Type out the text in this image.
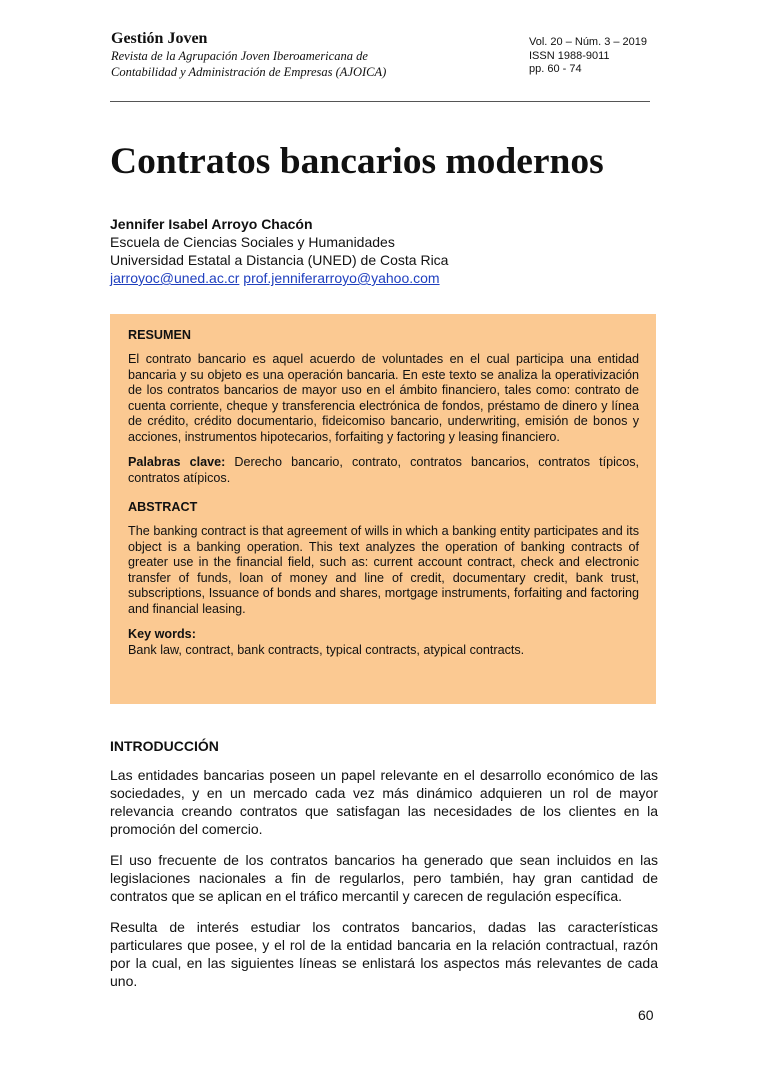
Gestión Joven
Revista de la Agrupación Joven Iberoamericana de
Contabilidad y Administración de Empresas (AJOICA)
Vol. 20 – Núm. 3 – 2019
ISSN 1988-9011
pp. 60 - 74
Contratos bancarios modernos
Jennifer Isabel Arroyo Chacón
Escuela de Ciencias Sociales y Humanidades
Universidad Estatal a Distancia (UNED) de Costa Rica
jarroyoc@uned.ac.cr prof.jenniferarroyo@yahoo.com
RESUMEN

El contrato bancario es aquel acuerdo de voluntades en el cual participa una entidad bancaria y su objeto es una operación bancaria. En este texto se analiza la operativización de los contratos bancarios de mayor uso en el ámbito financiero, tales como: contrato de cuenta corriente, cheque y transferencia electrónica de fondos, préstamo de dinero y línea de crédito, crédito documentario, fideicomiso bancario, underwriting, emisión de bonos y acciones, instrumentos hipotecarios, forfaiting y factoring y leasing financiero.

Palabras clave: Derecho bancario, contrato, contratos bancarios, contratos típicos, contratos atípicos.

ABSTRACT

The banking contract is that agreement of wills in which a banking entity participates and its object is a banking operation. This text analyzes the operation of banking contracts of greater use in the financial field, such as: current account contract, check and electronic transfer of funds, loan of money and line of credit, documentary credit, bank trust, subscriptions, Issuance of bonds and shares, mortgage instruments, forfaiting and factoring and financial leasing.

Key words:
Bank law, contract, bank contracts, typical contracts, atypical contracts.

INTRODUCCIÓN

Las entidades bancarias poseen un papel relevante en el desarrollo económico de las sociedades, y en un mercado cada vez más dinámico adquieren un rol de mayor relevancia creando contratos que satisfagan las necesidades de los clientes en la promoción del comercio.

El uso frecuente de los contratos bancarios ha generado que sean incluidos en las legislaciones nacionales a fin de regularlos, pero también, hay gran cantidad de contratos que se aplican en el tráfico mercantil y carecen de regulación específica.

Resulta de interés estudiar los contratos bancarios, dadas las características particulares que posee, y el rol de la entidad bancaria en la relación contractual, razón por la cual, en las siguientes líneas se enlistará los aspectos más relevantes de cada uno.

60
